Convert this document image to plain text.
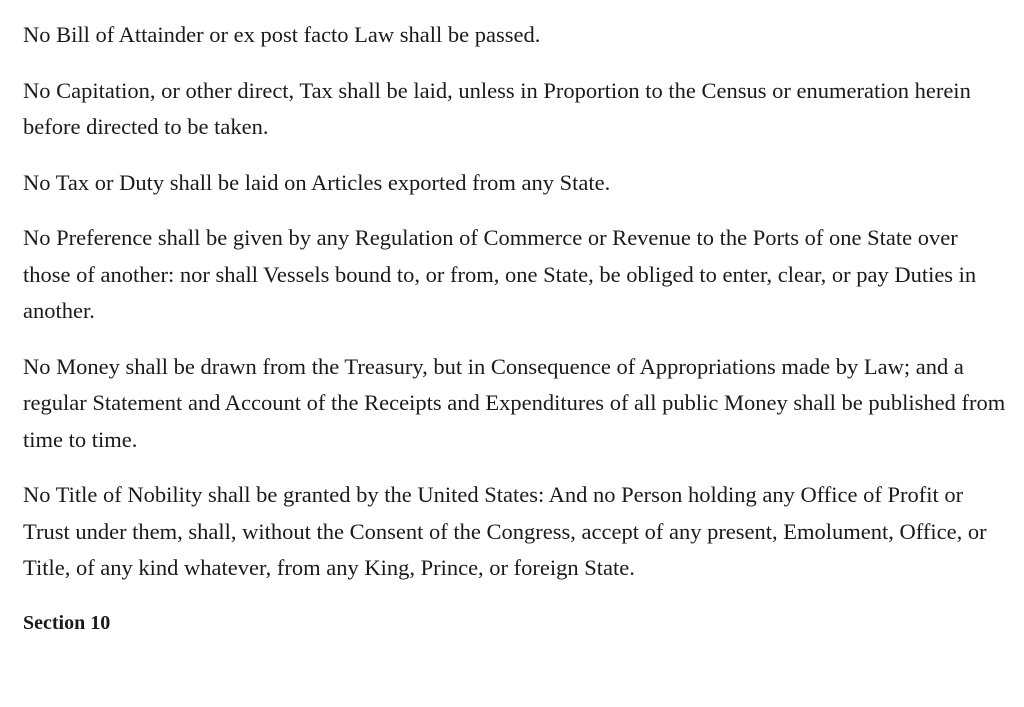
No Bill of Attainder or ex post facto Law shall be passed.

No Capitation, or other direct, Tax shall be laid, unless in Proportion to the Census or enumeration herein before directed to be taken.

No Tax or Duty shall be laid on Articles exported from any State.

No Preference shall be given by any Regulation of Commerce or Revenue to the Ports of one State over those of another: nor shall Vessels bound to, or from, one State, be obliged to enter, clear, or pay Duties in another.

No Money shall be drawn from the Treasury, but in Consequence of Appropriations made by Law; and a regular Statement and Account of the Receipts and Expenditures of all public Money shall be published from time to time.

No Title of Nobility shall be granted by the United States: And no Person holding any Office of Profit or Trust under them, shall, without the Consent of the Congress, accept of any present, Emolument, Office, or Title, of any kind whatever, from any King, Prince, or foreign State.

Section 10
